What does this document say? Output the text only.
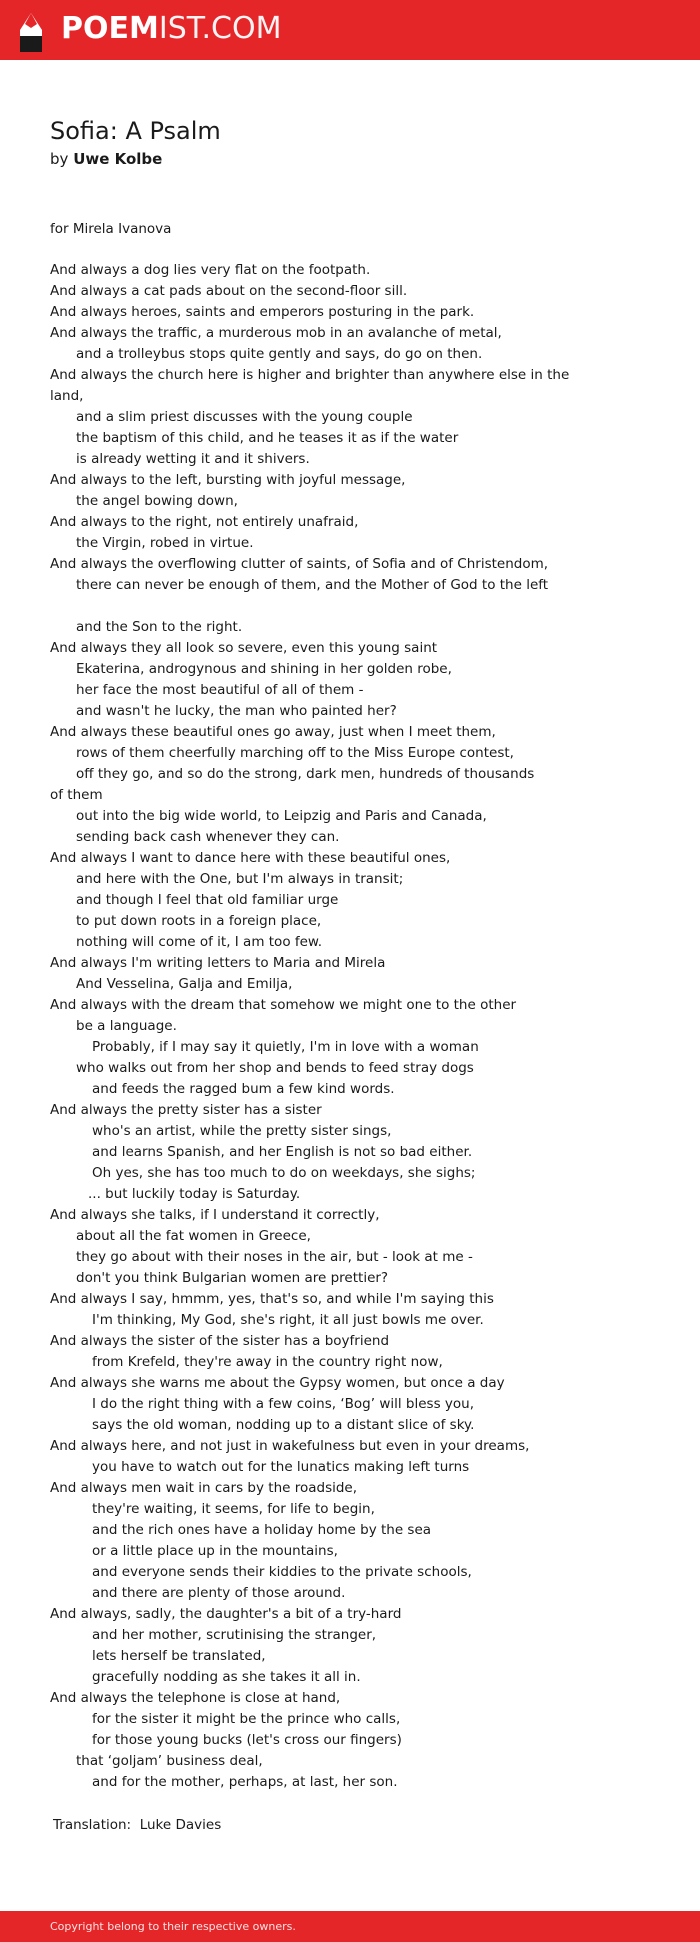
POEMIST.COM
Sofia: A Psalm
by Uwe Kolbe
for Mirela Ivanova
And always a dog lies very flat on the footpath.
And always a cat pads about on the second-floor sill.
And always heroes, saints and emperors posturing in the park.
And always the traffic, a murderous mob in an avalanche of metal,
and a trolleybus stops quite gently and says, do go on then.
And always the church here is higher and brighter than anywhere else in the
land,
and a slim priest discusses with the young couple
the baptism of this child, and he teases it as if the water
is already wetting it and it shivers.
And always to the left, bursting with joyful message,
the angel bowing down,
And always to the right, not entirely unafraid,
the Virgin, robed in virtue.
And always the overflowing clutter of saints, of Sofia and of Christendom,
there can never be enough of them, and the Mother of God to the left
and the Son to the right.
And always they all look so severe, even this young saint
Ekaterina, androgynous and shining in her golden robe,
her face the most beautiful of all of them -
and wasn't he lucky, the man who painted her?
And always these beautiful ones go away, just when I meet them,
rows of them cheerfully marching off to the Miss Europe contest,
off they go, and so do the strong, dark men, hundreds of thousands
of them
out into the big wide world, to Leipzig and Paris and Canada,
sending back cash whenever they can.
And always I want to dance here with these beautiful ones,
and here with the One, but I'm always in transit;
and though I feel that old familiar urge
to put down roots in a foreign place,
nothing will come of it, I am too few.
And always I'm writing letters to Maria and Mirela
And Vesselina, Galja and Emilja,
And always with the dream that somehow we might one to the other
be a language.
Probably, if I may say it quietly, I'm in love with a woman
who walks out from her shop and bends to feed stray dogs
and feeds the ragged bum a few kind words.
And always the pretty sister has a sister
who's an artist, while the pretty sister sings,
and learns Spanish, and her English is not so bad either.
Oh yes, she has too much to do on weekdays, she sighs;
... but luckily today is Saturday.
And always she talks, if I understand it correctly,
about all the fat women in Greece,
they go about with their noses in the air, but - look at me -
don't you think Bulgarian women are prettier?
And always I say, hmmm, yes, that's so, and while I'm saying this
I'm thinking, My God, she's right, it all just bowls me over.
And always the sister of the sister has a boyfriend
from Krefeld, they're away in the country right now,
And always she warns me about the Gypsy women, but once a day
I do the right thing with a few coins, ‘Bog’ will bless you,
says the old woman, nodding up to a distant slice of sky.
And always here, and not just in wakefulness but even in your dreams,
you have to watch out for the lunatics making left turns
And always men wait in cars by the roadside,
they're waiting, it seems, for life to begin,
and the rich ones have a holiday home by the sea
or a little place up in the mountains,
and everyone sends their kiddies to the private schools,
and there are plenty of those around.
And always, sadly, the daughter's a bit of a try-hard
and her mother, scrutinising the stranger,
lets herself be translated,
gracefully nodding as she takes it all in.
And always the telephone is close at hand,
for the sister it might be the prince who calls,
for those young bucks (let's cross our fingers)
that ‘goljam’ business deal,
and for the mother, perhaps, at last, her son.
Translation: Luke Davies
Copyright belong to their respective owners.
